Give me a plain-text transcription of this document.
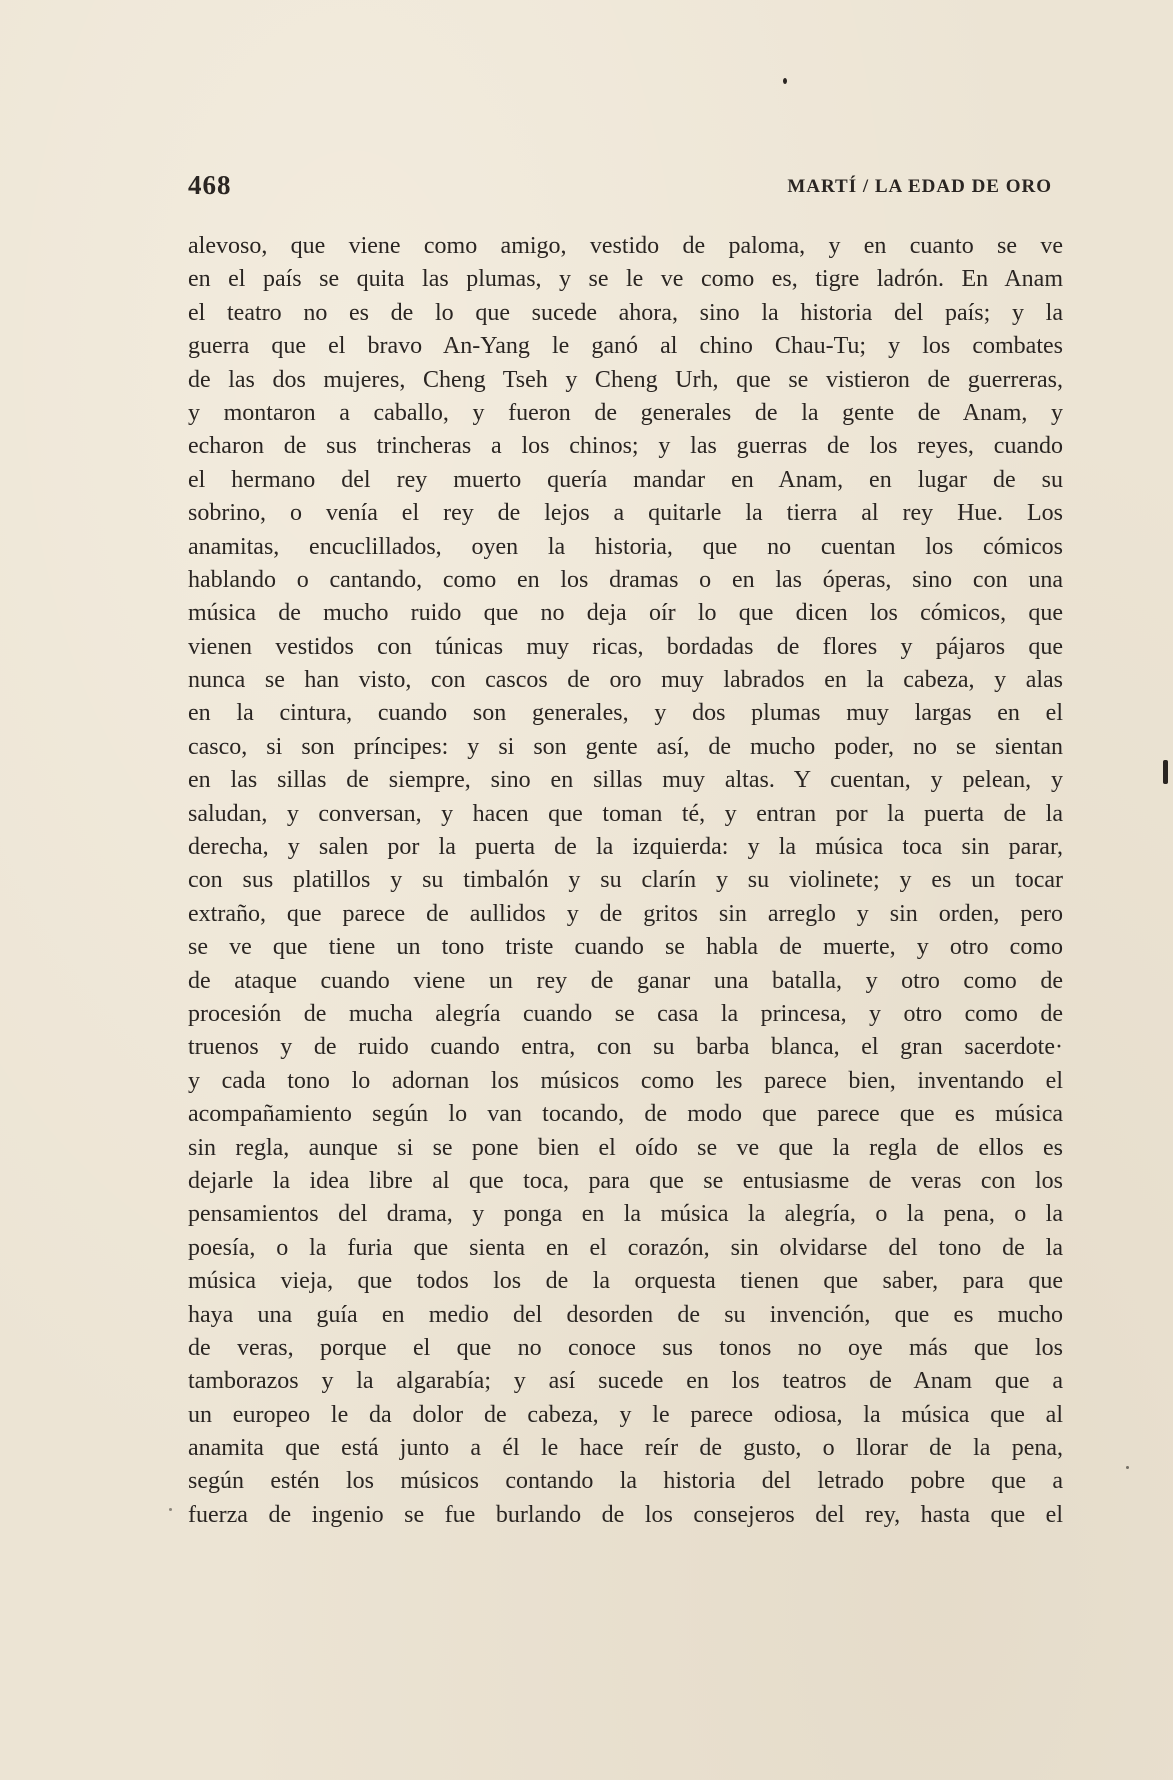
468	MARTÍ / LA EDAD DE ORO
alevoso, que viene como amigo, vestido de paloma, y en cuanto se ve
en el país se quita las plumas, y se le ve como es, tigre ladrón. En Anam
el teatro no es de lo que sucede ahora, sino la historia del país; y la
guerra que el bravo An-Yang le ganó al chino Chau-Tu; y los combates
de las dos mujeres, Cheng Tseh y Cheng Urh, que se vistieron de guerreras,
y montaron a caballo, y fueron de generales de la gente de Anam, y
echaron de sus trincheras a los chinos; y las guerras de los reyes, cuando
el hermano del rey muerto quería mandar en Anam, en lugar de su
sobrino, o venía el rey de lejos a quitarle la tierra al rey Hue. Los
anamitas, encuclillados, oyen la historia, que no cuentan los cómicos
hablando o cantando, como en los dramas o en las óperas, sino con una
música de mucho ruido que no deja oír lo que dicen los cómicos, que
vienen vestidos con túnicas muy ricas, bordadas de flores y pájaros que
nunca se han visto, con cascos de oro muy labrados en la cabeza, y alas
en la cintura, cuando son generales, y dos plumas muy largas en el
casco, si son príncipes: y si son gente así, de mucho poder, no se sientan
en las sillas de siempre, sino en sillas muy altas. Y cuentan, y pelean, y
saludan, y conversan, y hacen que toman té, y entran por la puerta de la
derecha, y salen por la puerta de la izquierda: y la música toca sin parar,
con sus platillos y su timbalón y su clarín y su violinete; y es un tocar
extraño, que parece de aullidos y de gritos sin arreglo y sin orden, pero
se ve que tiene un tono triste cuando se habla de muerte, y otro como
de ataque cuando viene un rey de ganar una batalla, y otro como de
procesión de mucha alegría cuando se casa la princesa, y otro como de
truenos y de ruido cuando entra, con su barba blanca, el gran sacerdote·
y cada tono lo adornan los músicos como les parece bien, inventando el
acompañamiento según lo van tocando, de modo que parece que es música
sin regla, aunque si se pone bien el oído se ve que la regla de ellos es
dejarle la idea libre al que toca, para que se entusiasme de veras con los
pensamientos del drama, y ponga en la música la alegría, o la pena, o la
poesía, o la furia que sienta en el corazón, sin olvidarse del tono de la
música vieja, que todos los de la orquesta tienen que saber, para que
haya una guía en medio del desorden de su invención, que es mucho
de veras, porque el que no conoce sus tonos no oye más que los
tamborazos y la algarabía; y así sucede en los teatros de Anam que a
un europeo le da dolor de cabeza, y le parece odiosa, la música que al
anamita que está junto a él le hace reír de gusto, o llorar de la pena,
según estén los músicos contando la historia del letrado pobre que a
fuerza de ingenio se fue burlando de los consejeros del rey, hasta que el
